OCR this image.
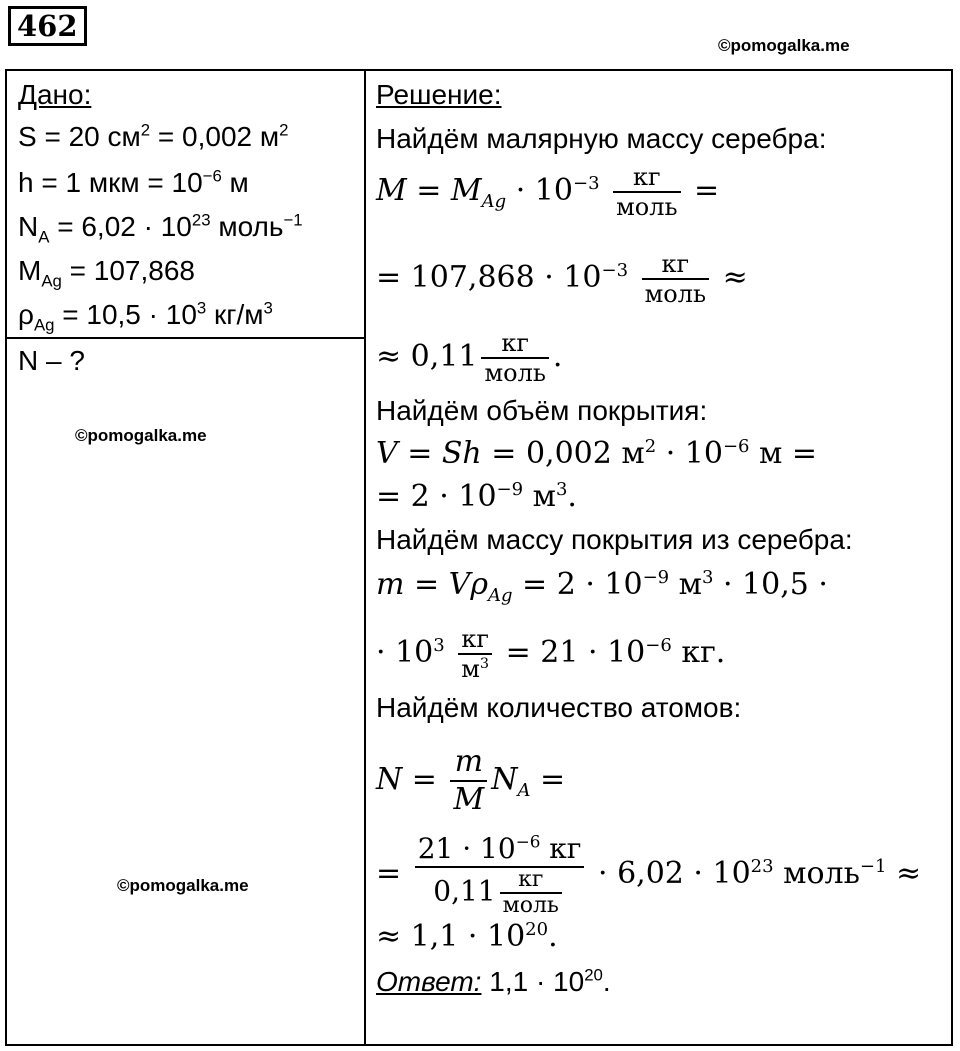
462
©pomogalka.me
Дано:
S = 20 $см^2 = 0,002$ $м^2$
h = 1 мкм = $10^{-6}$ м
$N_A = 6,02 \cdot 10^{23}$ моль$^{-1}$
$M_{Ag} = 107,868$
$\rho_{Ag} = 10,5 \cdot 10^3$ $кг/м^3$
N – ?
©pomogalka.me
©pomogalka.me
Решение:
Найдём малярную массу серебра:
$M = M_{Ag} \cdot 10^{-3} \frac{кг}{\text{моль}}$ =
= $107,868 \cdot 10^{-3} \frac{кг}{\text{моль}}$ ≈
≈ $0,11 \frac{кг}{\text{моль}}$ .
Найдём объём покрытия:
V = Sh = 0,002 $м^2 \cdot 10^{-6}$ м =
= $2 \cdot 10^{-9}$ $м^3$.
Найдём массу покрытия из серебра:
$m = V\rho_{Ag} = 2 \cdot 10^{-9}$ $м^3 \cdot 10,5$ ·
· $10^3 \frac{кг}{м^3} = 21 \cdot 10^{-6}$ кг.
Найдём количество атомов:
$N = \frac{m}{M} N_A$ =
= $\frac{21 \cdot 10^{-6} кг}{0,11 \frac{кг}{\text{моль}}} \cdot 6,02 \cdot 10^{23}$ моль$^{-1}$ ≈
≈ $1,1 \cdot 10^{20}$.
Ответ: $1,1 \cdot 10^{20}$.
